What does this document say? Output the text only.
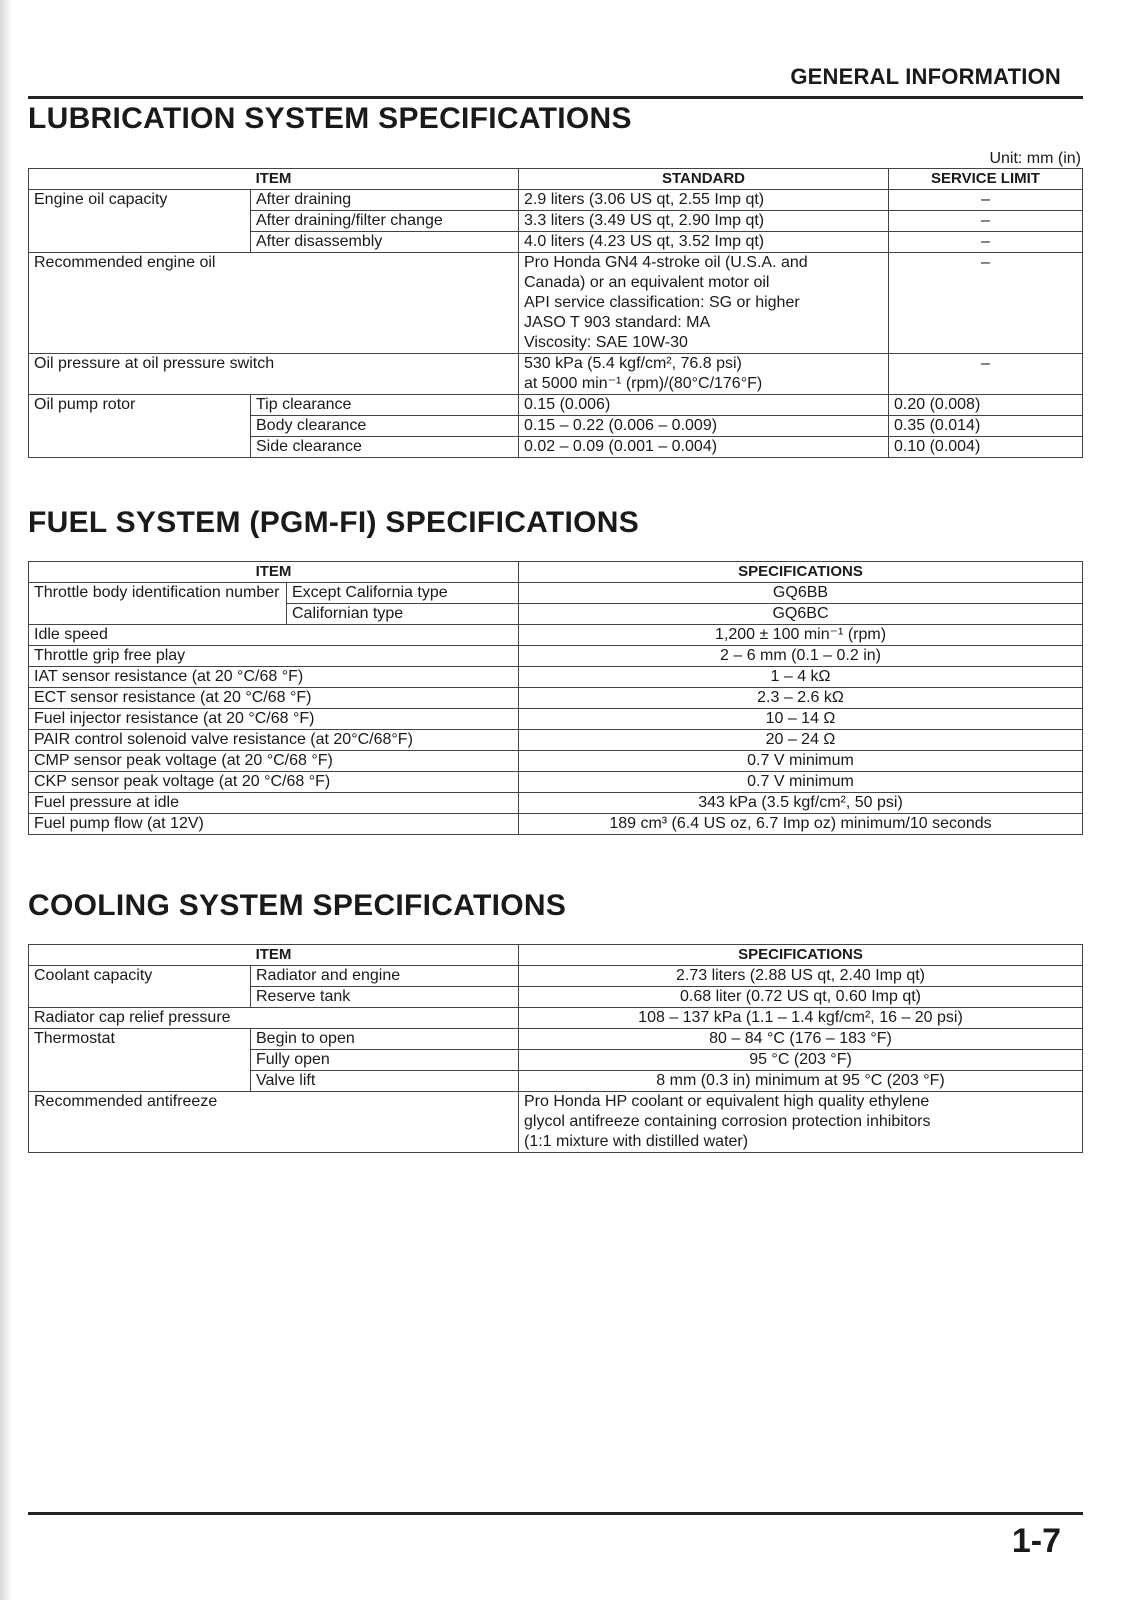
GENERAL INFORMATION
LUBRICATION SYSTEM SPECIFICATIONS
Unit: mm (in)
ITEM		STANDARD	SERVICE LIMIT
Engine oil capacity	After draining	2.9 liters (3.06 US qt, 2.55 Imp qt)	–
	After draining/filter change	3.3 liters (3.49 US qt, 2.90 Imp qt)	–
	After disassembly	4.0 liters (4.23 US qt, 3.52 Imp qt)	–
Recommended engine oil		Pro Honda GN4 4-stroke oil (U.S.A. and
Canada) or an equivalent motor oil
API service classification: SG or higher
JASO T 903 standard: MA
Viscosity: SAE 10W-30	–
Oil pressure at oil pressure switch		530 kPa (5.4 kgf/cm², 76.8 psi)
at 5000 min⁻¹ (rpm)/(80°C/176°F)	–
Oil pump rotor	Tip clearance	0.15 (0.006)	0.20 (0.008)
	Body clearance	0.15 – 0.22 (0.006 – 0.009)	0.35 (0.014)
	Side clearance	0.02 – 0.09 (0.001 – 0.004)	0.10 (0.004)
FUEL SYSTEM (PGM-FI) SPECIFICATIONS
ITEM		SPECIFICATIONS
Throttle body identification number	Except California type	GQ6BB
	Californian type	GQ6BC
Idle speed		1,200 ± 100 min⁻¹ (rpm)
Throttle grip free play		2 – 6 mm (0.1 – 0.2 in)
IAT sensor resistance (at 20 °C/68 °F)		1 – 4 kΩ
ECT sensor resistance (at 20 °C/68 °F)		2.3 – 2.6 kΩ
Fuel injector resistance (at 20 °C/68 °F)		10 – 14 Ω
PAIR control solenoid valve resistance (at 20°C/68°F)		20 – 24 Ω
CMP sensor peak voltage (at 20 °C/68 °F)		0.7 V minimum
CKP sensor peak voltage (at 20 °C/68 °F)		0.7 V minimum
Fuel pressure at idle		343 kPa (3.5 kgf/cm², 50 psi)
Fuel pump flow (at 12V)		189 cm³ (6.4 US oz, 6.7 Imp oz) minimum/10 seconds
COOLING SYSTEM SPECIFICATIONS
ITEM		SPECIFICATIONS
Coolant capacity	Radiator and engine	2.73 liters (2.88 US qt, 2.40 Imp qt)
	Reserve tank	0.68 liter (0.72 US qt, 0.60 Imp qt)
Radiator cap relief pressure		108 – 137 kPa (1.1 – 1.4 kgf/cm², 16 – 20 psi)
Thermostat	Begin to open	80 – 84 °C (176 – 183 °F)
	Fully open	95 °C (203 °F)
	Valve lift	8 mm (0.3 in) minimum at 95 °C (203 °F)
Recommended antifreeze		Pro Honda HP coolant or equivalent high quality ethylene
glycol antifreeze containing corrosion protection inhibitors
(1:1 mixture with distilled water)
1-7
